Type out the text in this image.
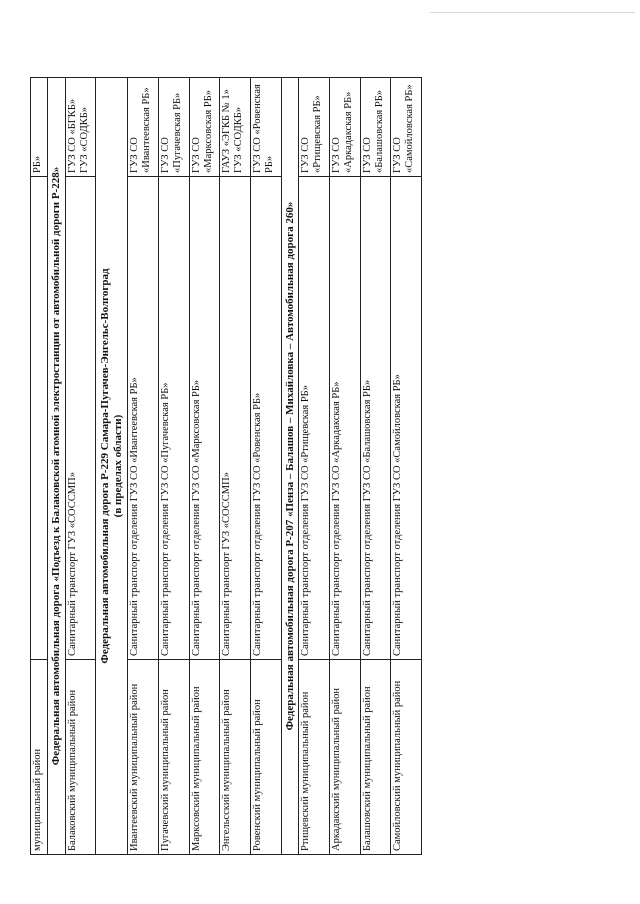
муниципальный район		РБ»
Федеральная автомобильная дорога «Подъезд к Балаковской атомной электростанции от автомобильной дороги Р-228»		
Балаковский муниципальный район	Санитарный транспорт ГУЗ «СОССМП»	ГУЗ СО «БГКБ» ГУЗ «СОДКБ»
Федеральная автомобильная дорога Р-229 Самара-Пугачев-Энгельс-Волгоград (в пределах области)		

Ивантеевский муниципальный район	Санитарный транспорт отделения ГУЗ СО «Ивантеевская РБ»	ГУЗ СО «Ивантеевская РБ»
Пугачевский муниципальный район	Санитарный транспорт отделения ГУЗ СО «Пугачевская РБ»	ГУЗ СО «Пугачевская РБ»
Марксовский муниципальный район	Санитарный транспорт отделения ГУЗ СО «Марксовская РБ»	ГУЗ СО «Марксовская РБ»
Энгельсский муниципальный район	Санитарный транспорт ГУЗ «СОССМП»	ГАУЗ «ЭГКБ № 1» ГУЗ «СОДКБ»
Ровенский муниципальный район	Санитарный транспорт отделения ГУЗ СО «Ровенская РБ»	ГУЗ СО «Ровенская РБ»
Федеральная автомобильная дорога Р-207 «Пенза – Балашов – Михайловка – Автомобильная дорога 260»		
Ртищевский муниципальный район	Санитарный транспорт отделения ГУЗ СО «Ртищевская РБ»	ГУЗ СО «Ртищевская РБ»
Аркадакский муниципальный район	Санитарный транспорт отделения ГУЗ СО «Аркадакская РБ»	ГУЗ СО «Аркадакская РБ»
Балашовский муниципальный район	Санитарный транспорт отделения ГУЗ СО «Балашовская РБ»	ГУЗ СО «Балашовская РБ»
Самойловский муниципальный район	Санитарный транспорт отделения ГУЗ СО «Самойловская РБ»	ГУЗ СО «Самойловская РБ»
